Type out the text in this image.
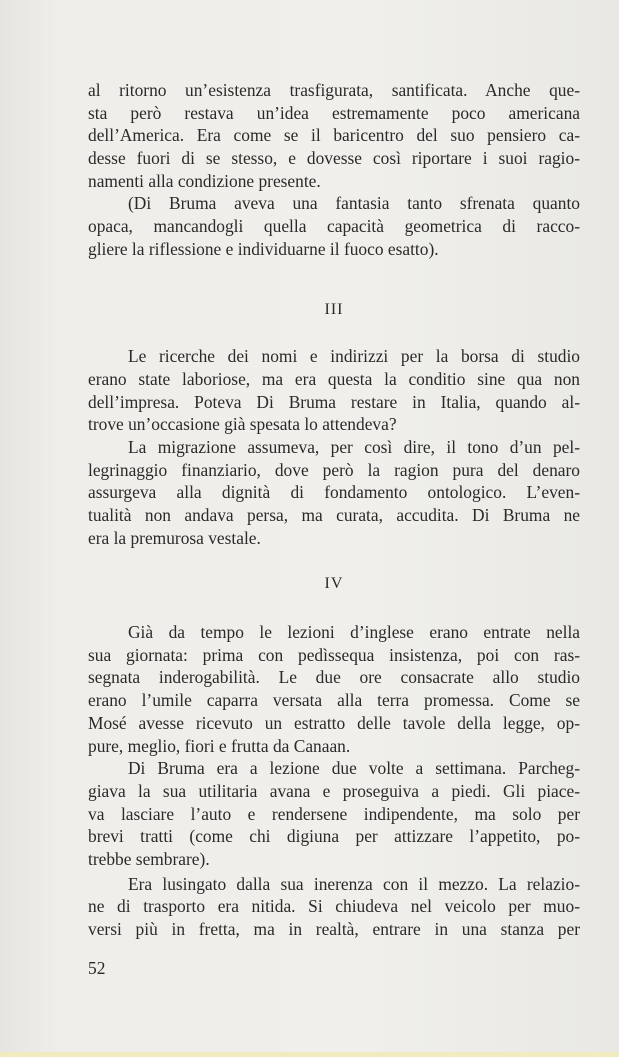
al ritorno un’esistenza trasfigurata, santificata. Anche que-
sta però restava un’idea estremamente poco americana
dell’America. Era come se il baricentro del suo pensiero ca-
desse fuori di se stesso, e dovesse così riportare i suoi ragio-
namenti alla condizione presente.
(Di Bruma aveva una fantasia tanto sfrenata quanto
opaca, mancandogli quella capacità geometrica di racco-
gliere la riflessione e individuarne il fuoco esatto).
III
Le ricerche dei nomi e indirizzi per la borsa di studio
erano state laboriose, ma era questa la conditio sine qua non
dell’impresa. Poteva Di Bruma restare in Italia, quando al-
trove un’occasione già spesata lo attendeva?
La migrazione assumeva, per così dire, il tono d’un pel-
legrinaggio finanziario, dove però la ragion pura del denaro
assurgeva alla dignità di fondamento ontologico. L’even-
tualità non andava persa, ma curata, accudita. Di Bruma ne
era la premurosa vestale.
IV
Già da tempo le lezioni d’inglese erano entrate nella
sua giornata: prima con pedìssequa insistenza, poi con ras-
segnata inderogabilità. Le due ore consacrate allo studio
erano l’umile caparra versata alla terra promessa. Come se
Mosé avesse ricevuto un estratto delle tavole della legge, op-
pure, meglio, fiori e frutta da Canaan.
Di Bruma era a lezione due volte a settimana. Parcheg-
giava la sua utilitaria avana e proseguiva a piedi. Gli piace-
va lasciare l’auto e rendersene indipendente, ma solo per
brevi tratti (come chi digiuna per attizzare l’appetito, po-
trebbe sembrare).
Era lusingato dalla sua inerenza con il mezzo. La relazio-
ne di trasporto era nitida. Si chiudeva nel veicolo per muo-
versi più in fretta, ma in realtà, entrare in una stanza per
52
